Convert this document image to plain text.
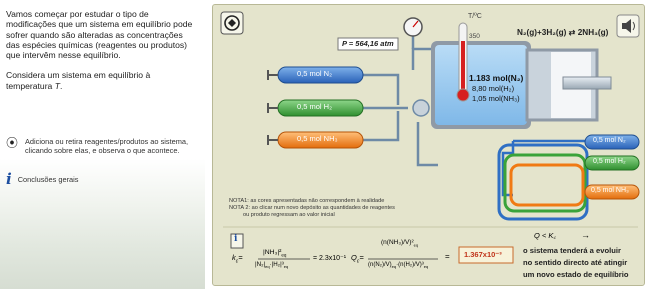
Vamos começar por estudar o tipo de modificações que um sistema em equilíbrio pode sofrer quando são alteradas as concentrações das espécies químicas (reagentes ou produtos) que intervêm nesse equilíbrio.

Considera um sistema em equilíbrio à temperatura T.

⦿ Adiciona ou retira reagentes/produtos ao sistema, clicando sobre elas, e observa o que acontece.
i Conclusões gerais
P = 564,16 atm
T/ºC
350	N₂(g)+3H₂(g) ⇄ 2NH₃(g)
0,5 mol N₂
0,5 mol H₂
0,5 mol NH₃
1.183 mol(N₂)
8,80 mol(H₂)
1,05 mol(NH₃)
0,5 mol N₂
0,5 mol H₂
0,5 mol NH₃
NOTA1: as cores apresentadas não correspondem à realidade
NOTA 2: ao clicar num novo depósito as quantidades de reagentes
ou produto regressam ao valor inicial
i
$k_c=$
$|NH_3|^2_{eq}$
$|N_2|_{eq}\cdot|H_2|^3_{eq}$
= 2.3x10⁻¹ $Q_c=$
$(n(NH_3)/V)^2_{eq}$
$(n(N_2)/V)_{eq}\cdot(n(H_2)/V)^3_{eq}$
= 1.367x10⁻³
Q < K꜀	→
o sistema tenderá a evoluir
no sentido directo até atingir
um novo estado de equilíbrio
